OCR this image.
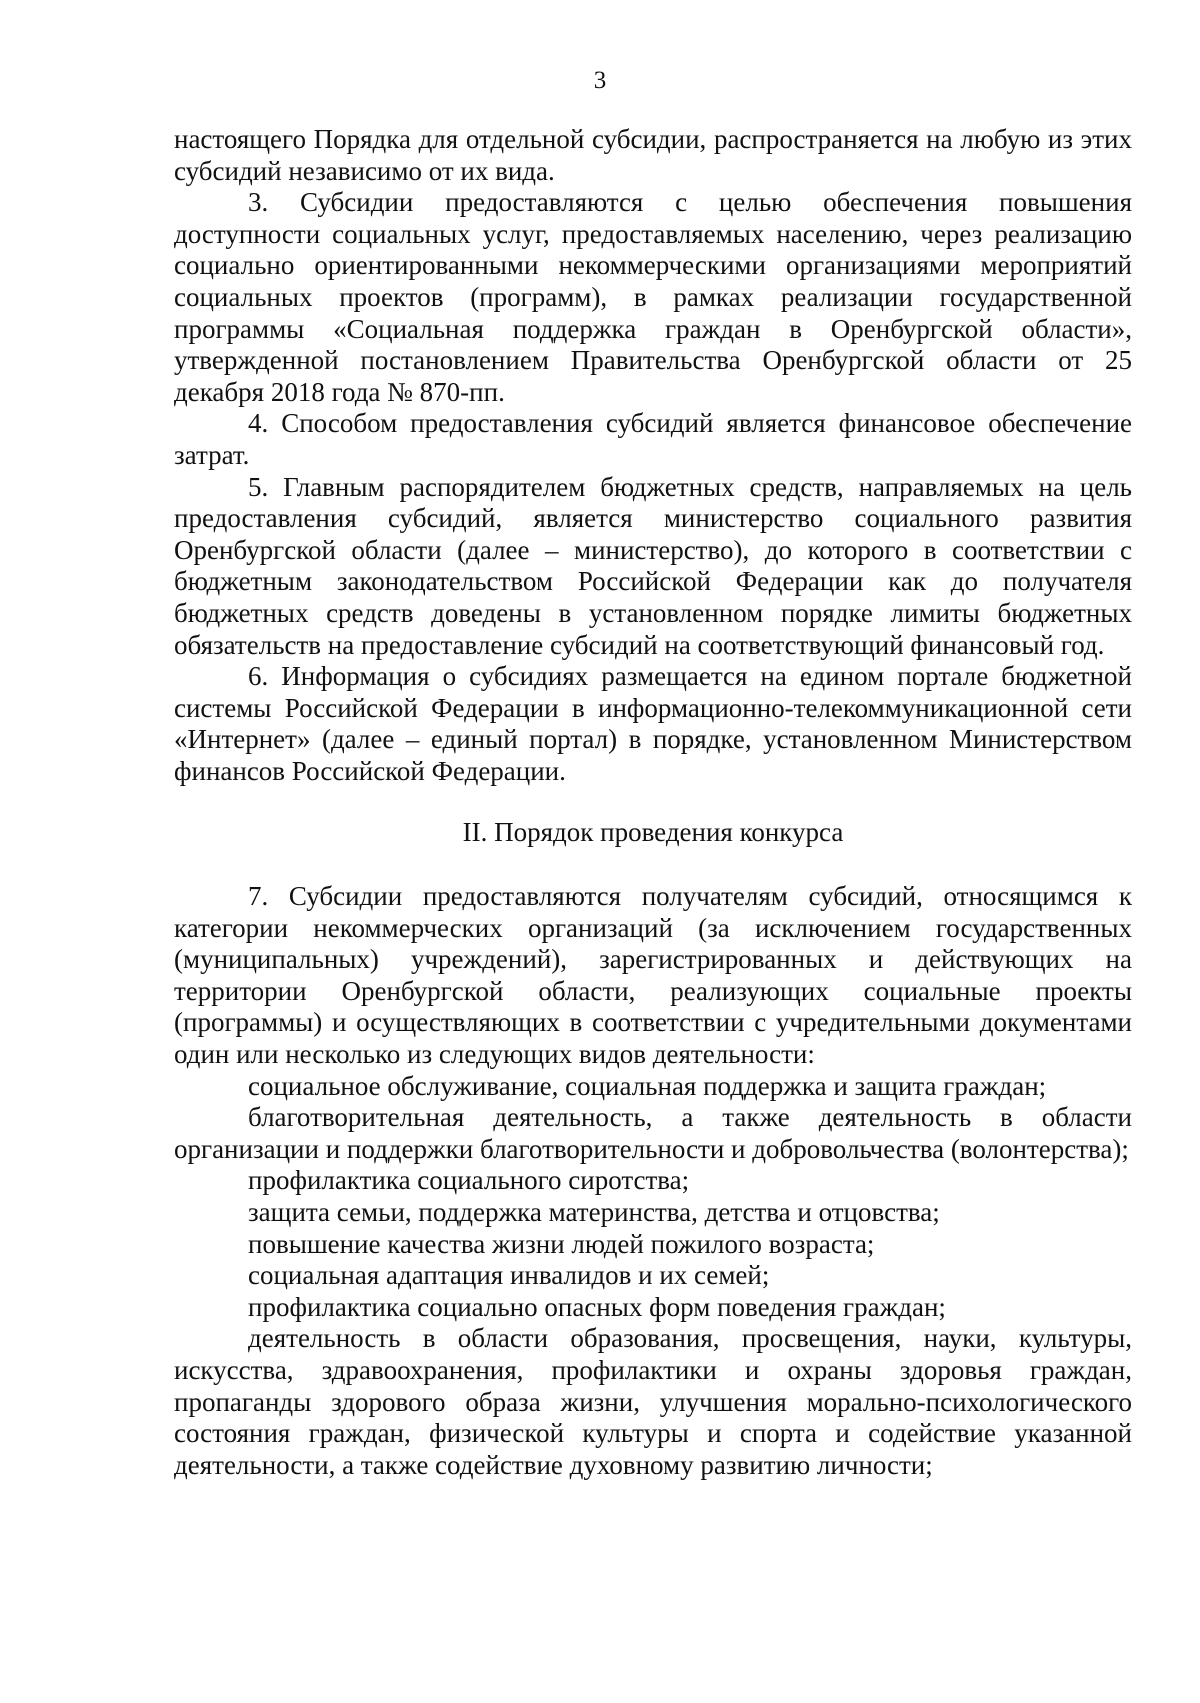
3

настоящего Порядка для отдельной субсидии, распространяется на любую из этих субсидий независимо от их вида.

3. Субсидии предоставляются с целью обеспечения повышения доступности социальных услуг, предоставляемых населению, через реализацию социально ориентированными некоммерческими организациями мероприятий социальных проектов (программ), в рамках реализации государственной программы «Социальная поддержка граждан в Оренбургской области», утвержденной постановлением Правительства Оренбургской области от 25 декабря 2018 года № 870-пп.

4. Способом предоставления субсидий является финансовое обеспечение затрат.

5. Главным распорядителем бюджетных средств, направляемых на цель предоставления субсидий, является министерство социального развития Оренбургской области (далее – министерство), до которого в соответствии с бюджетным законодательством Российской Федерации как до получателя бюджетных средств доведены в установленном порядке лимиты бюджетных обязательств на предоставление субсидий на соответствующий финансовый год.

6. Информация о субсидиях размещается на едином портале бюджетной системы Российской Федерации в информационно-телекоммуникационной сети «Интернет» (далее – единый портал) в порядке, установленном Министерством финансов Российской Федерации.

II. Порядок проведения конкурса

7. Субсидии предоставляются получателям субсидий, относящимся к категории некоммерческих организаций (за исключением государственных (муниципальных) учреждений), зарегистрированных и действующих на территории Оренбургской области, реализующих социальные проекты (программы) и осуществляющих в соответствии с учредительными документами один или несколько из следующих видов деятельности:

социальное обслуживание, социальная поддержка и защита граждан;

благотворительная деятельность, а также деятельность в области организации и поддержки благотворительности и добровольчества (волонтерства);

профилактика социального сиротства;

защита семьи, поддержка материнства, детства и отцовства;

повышение качества жизни людей пожилого возраста;

социальная адаптация инвалидов и их семей;

профилактика социально опасных форм поведения граждан;

деятельность в области образования, просвещения, науки, культуры, искусства, здравоохранения, профилактики и охраны здоровья граждан, пропаганды здорового образа жизни, улучшения морально-психологического состояния граждан, физической культуры и спорта и содействие указанной деятельности, а также содействие духовному развитию личности;
